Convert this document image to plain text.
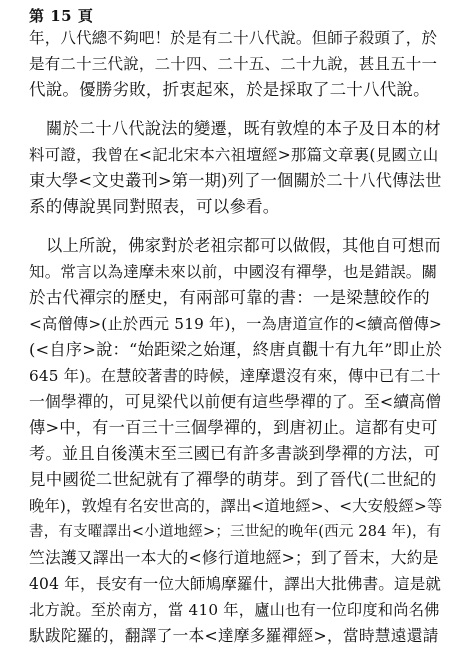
第 15 頁
年，八代總不夠吧！於是有二十八代說。但師子殺頭了，於
是有二十三代說，二十四、二十五、二十九說，甚且五十一
代說。優勝劣敗，折衷起來，於是採取了二十八代說。
關於二十八代說法的變遷，既有敦煌的本子及日本的材
料可證，我曾在<記北宋本六祖壇經>那篇文章裏(見國立山
東大學<文史叢刊>第一期)列了一個關於二十八代傳法世
系的傳說異同對照表，可以參看。
以上所說，佛家對於老祖宗都可以做假，其他自可想而
知。常言以為達摩未來以前，中國沒有禪學，也是錯誤。關
於古代禪宗的歷史，有兩部可靠的書：一是梁慧皎作的
<高僧傳>(止於西元 519 年)，一為唐道宣作的<續高僧傳>
(<自序>說：“始距梁之始運，終唐貞觀十有九年”即止於
645 年)。在慧皎著書的時候，達摩還沒有來，傳中已有二十
一個學禪的，可見梁代以前便有這些學禪的了。至<續高僧
傳>中，有一百三十三個學禪的，到唐初止。這都有史可
考。並且自後漢末至三國已有許多書談到學禪的方法，可
見中國從二世紀就有了禪學的萌芽。到了晉代(二世紀的
晚年)，敦煌有名安世高的，譯出<道地經>、<大安般經>等
書，有支曜譯出<小道地經>；三世紀的晚年(西元 284 年)，有
竺法護又譯出一本大的<修行道地經>；到了晉末，大約是
404 年，長安有一位大師鳩摩羅什，譯出大批佛書。這是就
北方說。至於南方，當 410 年，廬山也有一位印度和尚名佛
馱跋陀羅的，翻譯了一本<達摩多羅禪經>，當時慧遠還請
